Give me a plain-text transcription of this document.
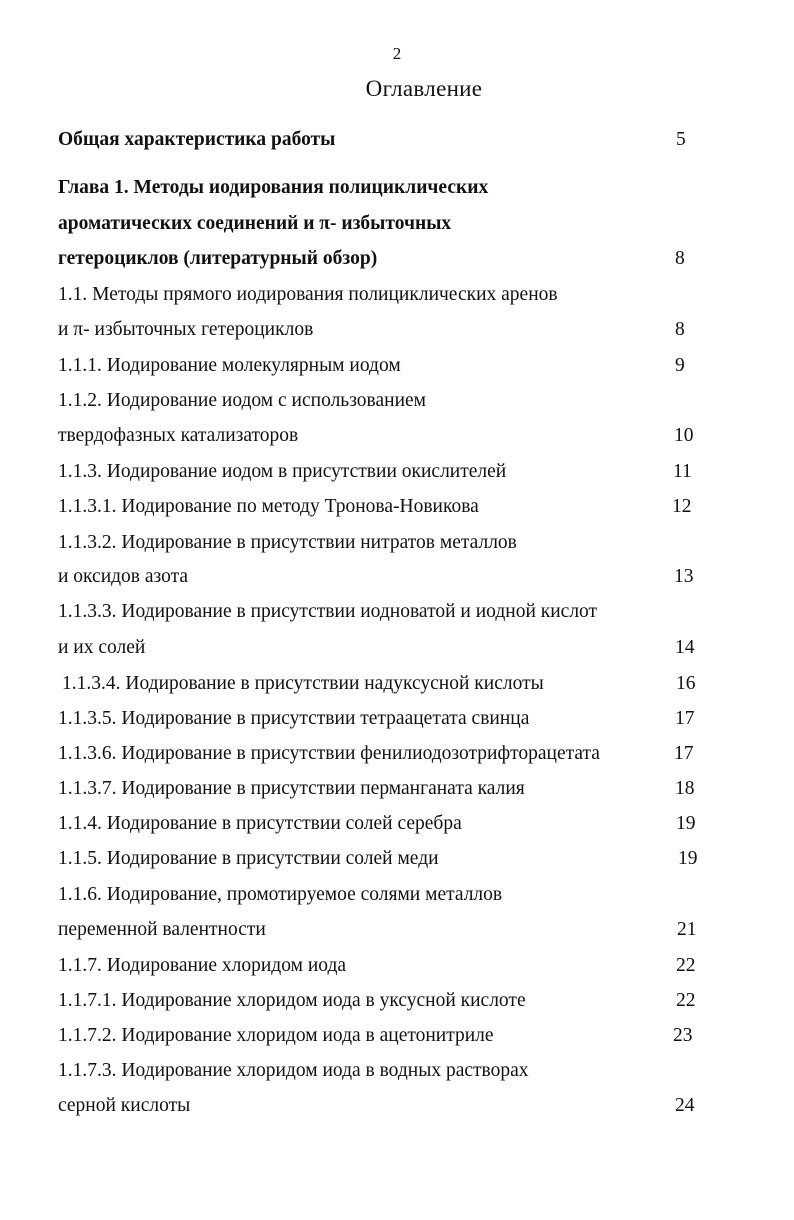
2
Оглавление
Общая характеристика работы	5
Глава 1. Методы иодирования полициклических
ароматических соединений и π- избыточных
гетероциклов (литературный обзор)	8
1.1. Методы прямого иодирования полициклических аренов
и π- избыточных гетероциклов	8
1.1.1. Иодирование молекулярным иодом	9
1.1.2. Иодирование иодом с использованием
твердофазных катализаторов	10
1.1.3. Иодирование иодом в присутствии окислителей	11
1.1.3.1. Иодирование по методу Тронова-Новикова	12
1.1.3.2. Иодирование в присутствии нитратов металлов
и оксидов азота	13
1.1.3.3. Иодирование в присутствии иодноватой и иодной кислот
и их солей	14
1.1.3.4. Иодирование в присутствии надуксусной кислоты	16
1.1.3.5. Иодирование в присутствии тетраацетата свинца	17
1.1.3.6. Иодирование в присутствии фенилиодозотрифторацетата	17
1.1.3.7. Иодирование в присутствии перманганата калия	18
1.1.4. Иодирование в присутствии солей серебра	19
1.1.5. Иодирование в присутствии солей меди	19
1.1.6. Иодирование, промотируемое солями металлов
переменной валентности	21
1.1.7. Иодирование хлоридом иода	22
1.1.7.1. Иодирование хлоридом иода в уксусной кислоте	22
1.1.7.2. Иодирование хлоридом иода в ацетонитриле	23
1.1.7.3. Иодирование хлоридом иода в водных растворах
серной кислоты	24
